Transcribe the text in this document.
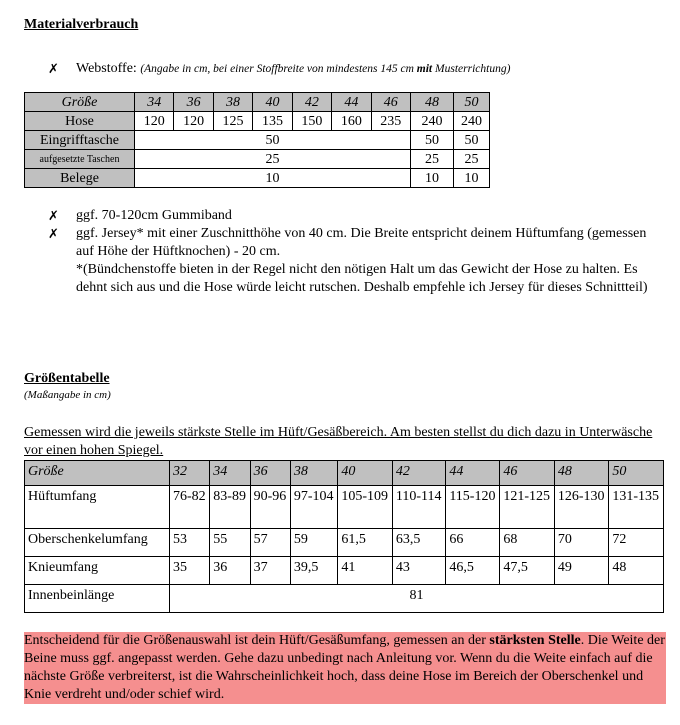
Materialverbrauch
✗	Webstoffe: (Angabe in cm, bei einer Stoffbreite von mindestens 145 cm mit Musterrichtung)
Größe	34	36	38	40	42	44	46	48	50
Hose	120	120	125	135	150	160	235	240	240
Eingrifftasche	50							50	50
aufgesetzte Taschen	25							25	25
Belege	10							10	10
✗	ggf. 70-120cm Gummiband
✗	ggf. Jersey* mit einer Zuschnitthöhe von 40 cm. Die Breite entspricht deinem Hüftumfang (gemessen auf Höhe der Hüftknochen) - 20 cm.
*(Bündchenstoffe bieten in der Regel nicht den nötigen Halt um das Gewicht der Hose zu halten. Es dehnt sich aus und die Hose würde leicht rutschen. Deshalb empfehle ich Jersey für dieses Schnittteil)
Größentabelle
(Maßangabe in cm)
Gemessen wird die jeweils stärkste Stelle im Hüft/Gesäßbereich. Am besten stellst du dich dazu in Unterwäsche vor einen hohen Spiegel.
Größe	32	34	36	38	40	42	44	46	48	50
Hüftumfang	76-82	83-89	90-96	97-104	105-109	110-114	115-120	121-125	126-130	131-135
Oberschenkelumfang	53	55	57	59	61,5	63,5	66	68	70	72
Knieumfang	35	36	37	39,5	41	43	46,5	47,5	49	48
Innenbeinlänge	81									
Entscheidend für die Größenauswahl ist dein Hüft/Gesäßumfang, gemessen an der stärksten Stelle. Die Weite der Beine muss ggf. angepasst werden. Gehe dazu unbedingt nach Anleitung vor. Wenn du die Weite einfach auf die nächste Größe verbreiterst, ist die Wahrscheinlichkeit hoch, dass deine Hose im Bereich der Oberschenkel und Knie verdreht und/oder schief wird.
